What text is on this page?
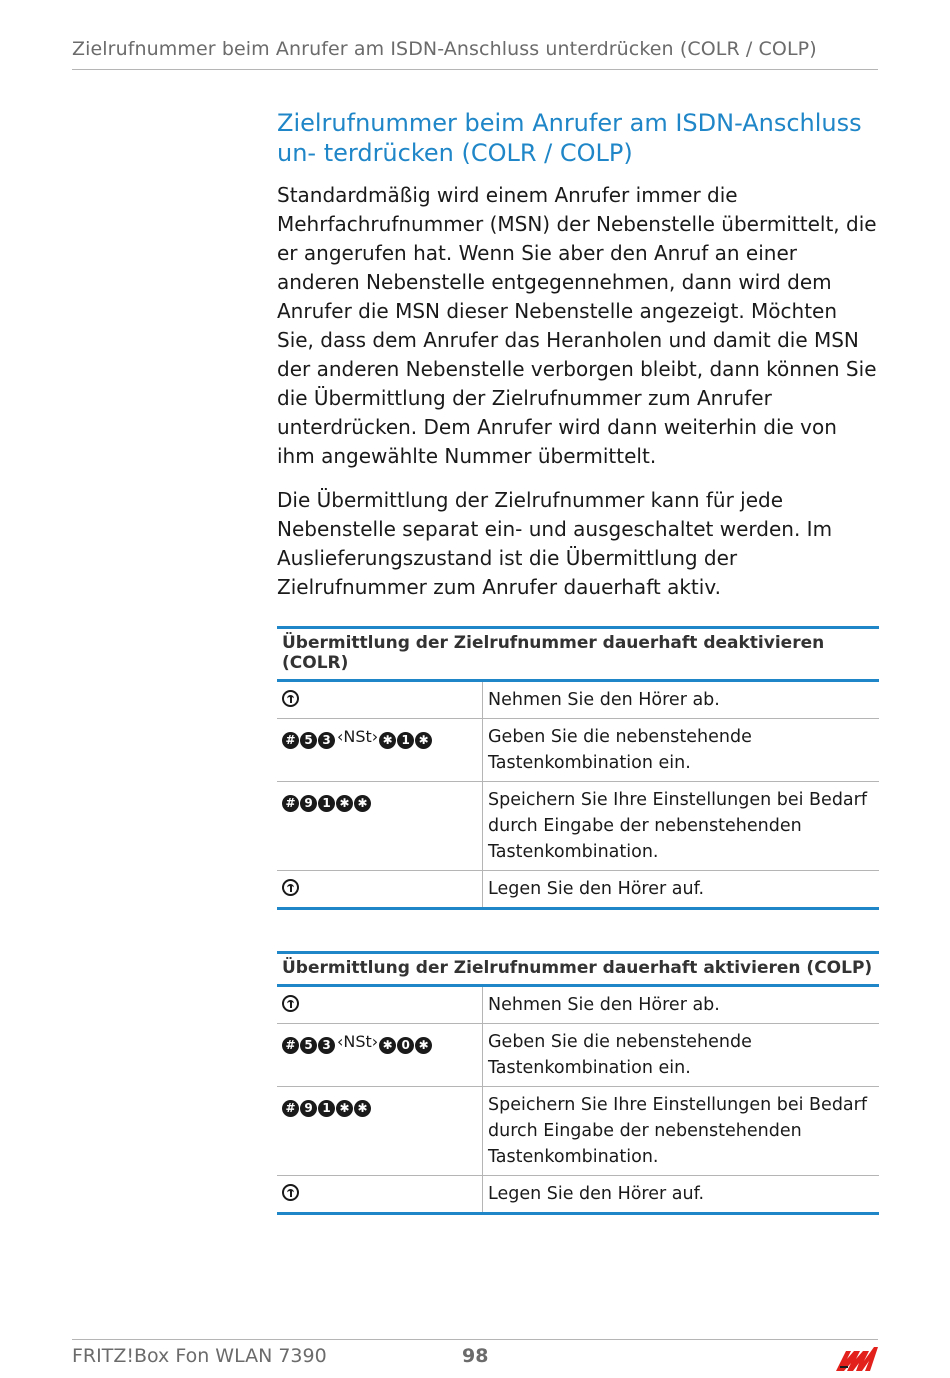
Zielrufnummer beim Anrufer am ISDN-Anschluss unterdrücken (COLR / COLP)
Zielrufnummer beim Anrufer am ISDN-Anschluss un- terdrücken (COLR / COLP)

Standardmäßig wird einem Anrufer immer die Mehrfachrufnummer (MSN) der Nebenstelle übermittelt, die er angerufen hat. Wenn Sie aber den Anruf an einer anderen Nebenstelle entgegennehmen, dann wird dem Anrufer die MSN dieser Nebenstelle angezeigt. Möchten Sie, dass dem Anrufer das Heranholen und damit die MSN der anderen Nebenstelle verborgen bleibt, dann können Sie die Übermittlung der Zielrufnummer zum Anrufer unterdrücken. Dem Anrufer wird dann weiterhin die von ihm angewählte Nummer übermittelt.

Die Übermittlung der Zielrufnummer kann für jede Nebenstelle separat ein- und ausgeschaltet werden. Im Auslieferungszustand ist die Übermittlung der Zielrufnummer zum Anrufer dauerhaft aktiv.

Übermittlung der Zielrufnummer dauerhaft deaktivieren (COLR)	
	Nehmen Sie den Hörer ab.
# 5 3 ‹NSt› ✱ 1 ✱	Geben Sie die nebenstehende Tastenkombination ein.
# 9 1 ✱ ✱	Speichern Sie Ihre Einstellungen bei Bedarf durch Eingabe der nebenstehenden Tastenkombination.
	Legen Sie den Hörer auf.
Übermittlung der Zielrufnummer dauerhaft aktivieren (COLP)	
	Nehmen Sie den Hörer ab.
# 5 3 ‹NSt› ✱ 0 ✱	Geben Sie die nebenstehende Tastenkombination ein.
# 9 1 ✱ ✱	Speichern Sie Ihre Einstellungen bei Bedarf durch Eingabe der nebenstehenden Tastenkombination.
	Legen Sie den Hörer auf.
FRITZ!Box Fon WLAN 7390	98
